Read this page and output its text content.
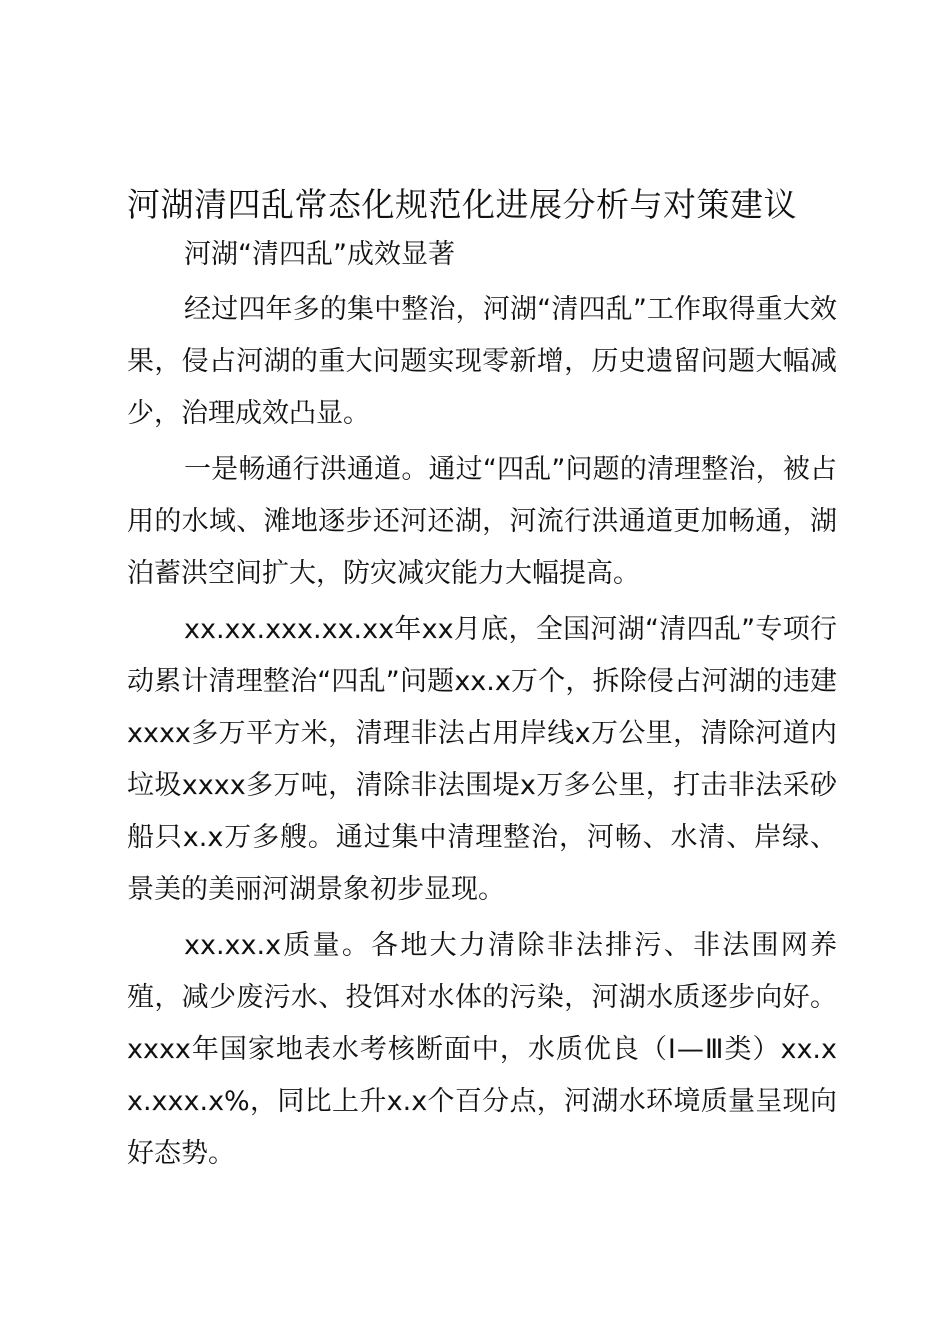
河湖清四乱常态化规范化进展分析与对策建议

河湖“清四乱”成效显著

经过四年多的集中整治，河湖“清四乱”工作取得重大效果，侵占河湖的重大问题实现零新增，历史遗留问题大幅减少，治理成效凸显。

一是畅通行洪通道。通过“四乱”问题的清理整治，被占用的水域、滩地逐步还河还湖，河流行洪通道更加畅通，湖泊蓄洪空间扩大，防灾减灾能力大幅提高。

xx.xx.xxx.xx.xx年xx月底，全国河湖“清四乱”专项行动累计清理整治“四乱”问题xx.x万个，拆除侵占河湖的违建xxxx多万平方米，清理非法占用岸线x万公里，清除河道内垃圾xxxx多万吨，清除非法围堤x万多公里，打击非法采砂船只x.x万多艘。通过集中清理整治，河畅、水清、岸绿、景美的美丽河湖景象初步显现。

xx.xx.x质量。各地大力清除非法排污、非法围网养殖，减少废污水、投饵对水体的污染，河湖水质逐步向好。xxxx年国家地表水考核断面中，水质优良（Ⅰ—Ⅲ类）xx.xx.xxx.x%，同比上升x.x个百分点，河湖水环境质量呈现向好态势。
